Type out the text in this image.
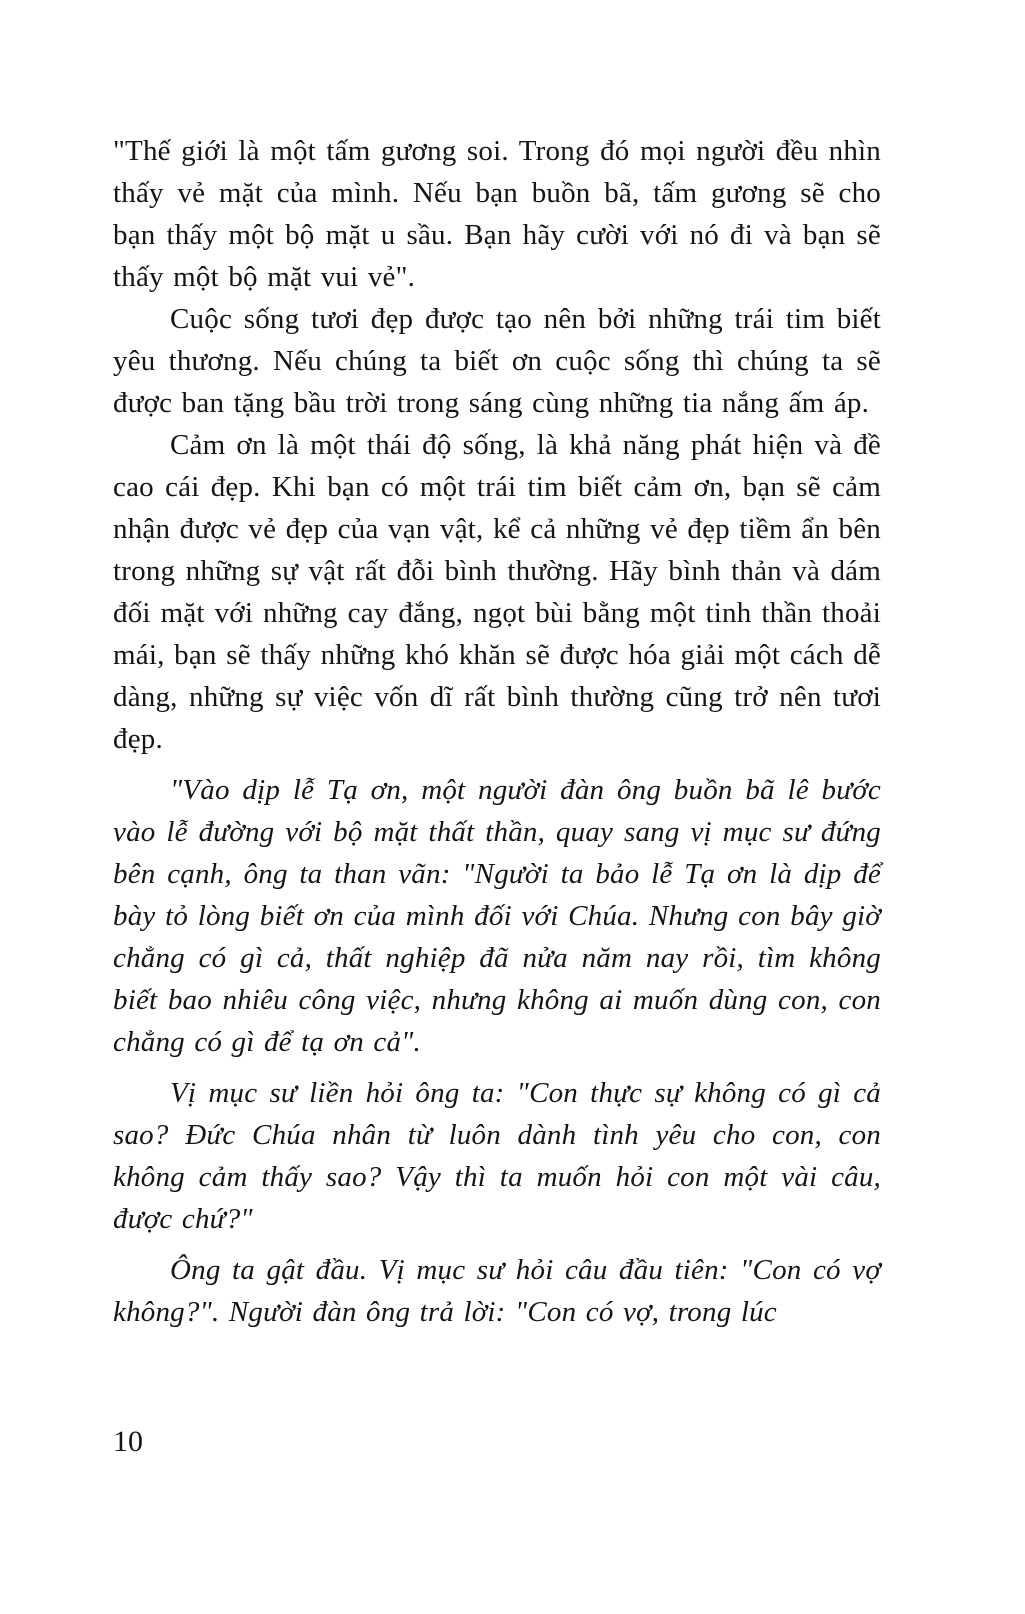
"Thế giới là một tấm gương soi. Trong đó mọi người đều nhìn thấy vẻ mặt của mình. Nếu bạn buồn bã, tấm gương sẽ cho bạn thấy một bộ mặt u sầu. Bạn hãy cười với nó đi và bạn sẽ thấy một bộ mặt vui vẻ".

Cuộc sống tươi đẹp được tạo nên bởi những trái tim biết yêu thương. Nếu chúng ta biết ơn cuộc sống thì chúng ta sẽ được ban tặng bầu trời trong sáng cùng những tia nắng ấm áp.

Cảm ơn là một thái độ sống, là khả năng phát hiện và đề cao cái đẹp. Khi bạn có một trái tim biết cảm ơn, bạn sẽ cảm nhận được vẻ đẹp của vạn vật, kể cả những vẻ đẹp tiềm ẩn bên trong những sự vật rất đỗi bình thường. Hãy bình thản và dám đối mặt với những cay đắng, ngọt bùi bằng một tinh thần thoải mái, bạn sẽ thấy những khó khăn sẽ được hóa giải một cách dễ dàng, những sự việc vốn dĩ rất bình thường cũng trở nên tươi đẹp.

"Vào dịp lễ Tạ ơn, một người đàn ông buồn bã lê bước vào lễ đường với bộ mặt thất thần, quay sang vị mục sư đứng bên cạnh, ông ta than vãn: "Người ta bảo lễ Tạ ơn là dịp để bày tỏ lòng biết ơn của mình đối với Chúa. Nhưng con bây giờ chẳng có gì cả, thất nghiệp đã nửa năm nay rồi, tìm không biết bao nhiêu công việc, nhưng không ai muốn dùng con, con chẳng có gì để tạ ơn cả".

Vị mục sư liền hỏi ông ta: "Con thực sự không có gì cả sao? Đức Chúa nhân từ luôn dành tình yêu cho con, con không cảm thấy sao? Vậy thì ta muốn hỏi con một vài câu, được chứ?"

Ông ta gật đầu. Vị mục sư hỏi câu đầu tiên: "Con có vợ không?". Người đàn ông trả lời: "Con có vợ, trong lúc

10
